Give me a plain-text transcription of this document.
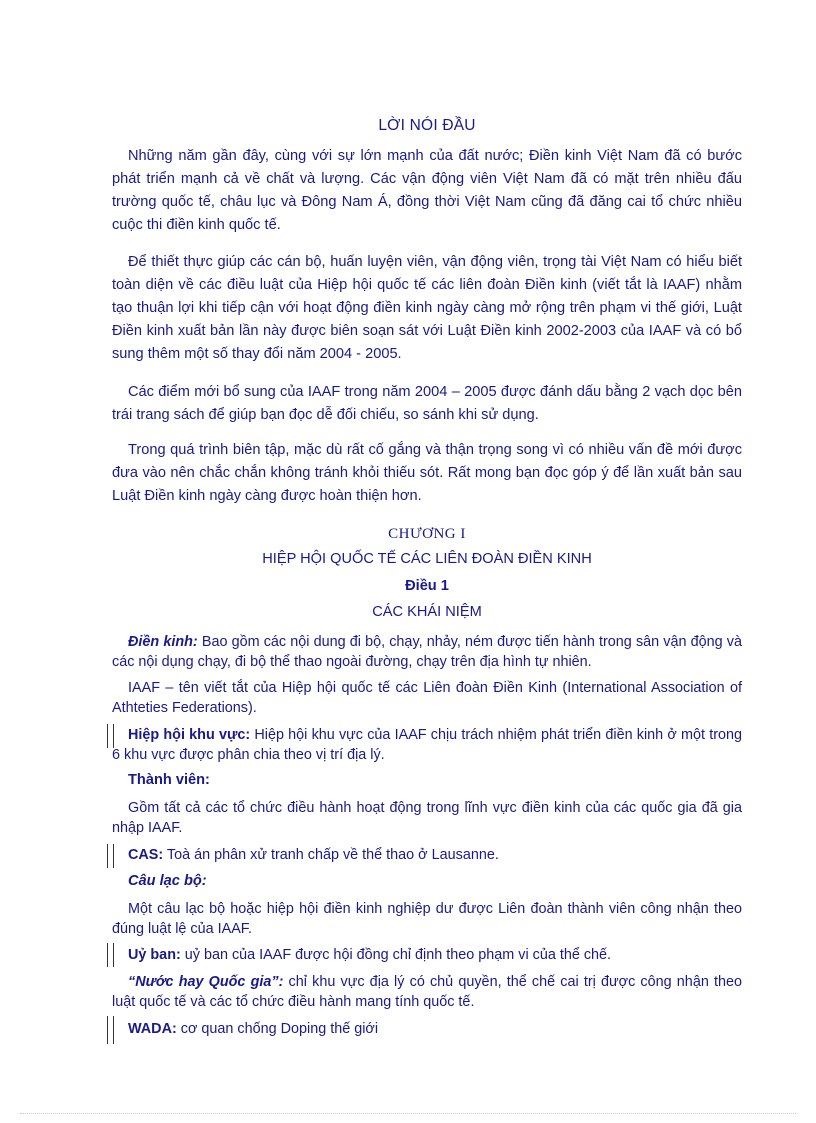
LỜI NÓI ĐẦU

Những năm gần đây, cùng với sự lớn mạnh của đất nước; Điền kinh Việt Nam đã có bước phát triển mạnh cả về chất và lượng. Các vận động viên Việt Nam đã có mặt trên nhiều đấu trường quốc tế, châu lục và Đông Nam Á, đồng thời Việt Nam cũng đã đăng cai tổ chức nhiều cuộc thi điền kinh quốc tế.

Để thiết thực giúp các cán bộ, huấn luyện viên, vận động viên, trọng tài Việt Nam có hiểu biết toàn diện về các điều luật của Hiệp hội quốc tế các liên đoàn Điền kinh (viết tắt là IAAF) nhằm tạo thuận lợi khi tiếp cận với hoạt động điền kinh ngày càng mở rộng trên phạm vi thế giới, Luật Điền kinh xuất bản lần này được biên soạn sát với Luật Điền kinh 2002-2003 của IAAF và có bổ sung thêm một số thay đổi năm 2004 - 2005.

Các điểm mới bổ sung của IAAF trong năm 2004 – 2005 được đánh dấu bằng 2 vạch dọc bên trái trang sách để giúp bạn đọc dễ đối chiếu, so sánh khi sử dụng.

Trong quá trình biên tập, mặc dù rất cố gắng và thận trọng song vì có nhiều vấn đề mới được đưa vào nên chắc chắn không tránh khỏi thiếu sót. Rất mong bạn đọc góp ý để lần xuất bản sau Luật Điền kinh ngày càng được hoàn thiện hơn.

CHƯƠNG I
HIỆP HỘI QUỐC TẾ CÁC LIÊN ĐOÀN ĐIỀN KINH
Điều 1
CÁC KHÁI NIỆM

Điền kinh: Bao gồm các nội dung đi bộ, chạy, nhảy, ném được tiến hành trong sân vận động và các nội dụng chạy, đi bộ thể thao ngoài đường, chạy trên địa hình tự nhiên.

IAAF – tên viết tắt của Hiệp hội quốc tế các Liên đoàn Điền Kinh (International Association of Athteties Federations).

Hiệp hội khu vực: Hiệp hội khu vực của IAAF chịu trách nhiệm phát triển điền kinh ở một trong 6 khu vực được phân chia theo vị trí địa lý.

Thành viên:

Gồm tất cả các tổ chức điều hành hoạt động trong lĩnh vực điền kinh của các quốc gia đã gia nhập IAAF.

CAS: Toà án phân xử tranh chấp về thể thao ở Lausanne.

Câu lạc bộ:

Một câu lạc bộ hoặc hiệp hội điền kinh nghiệp dư được Liên đoàn thành viên công nhận theo đúng luật lệ của IAAF.

Uỷ ban: uỷ ban của IAAF được hội đồng chỉ định theo phạm vi của thể chế.

“Nước hay Quốc gia”: chỉ khu vực địa lý có chủ quyền, thể chế cai trị được công nhận theo luật quốc tế và các tổ chức điều hành mang tính quốc tế.

WADA: cơ quan chống Doping thế giới
